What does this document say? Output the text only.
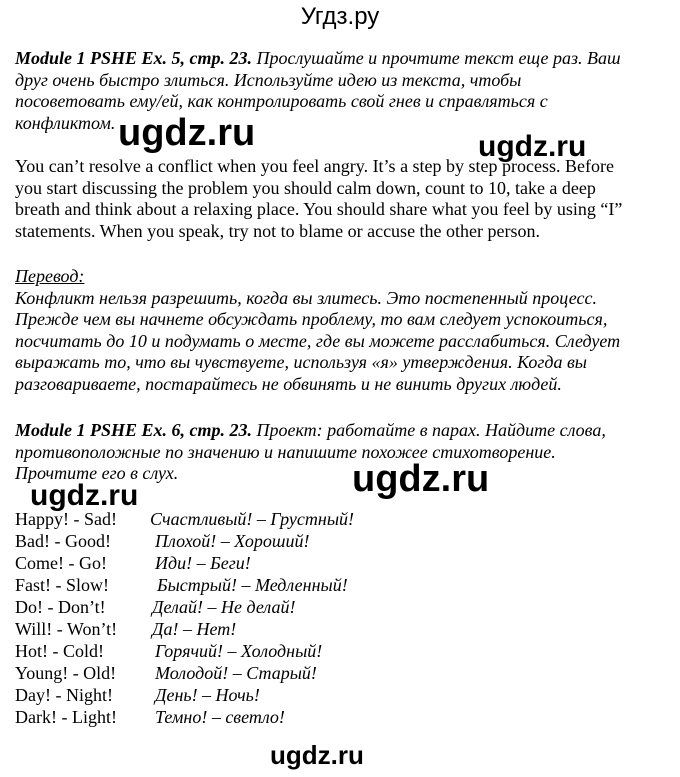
Угдз.ру
Module 1 PSHE Ex. 5, стр. 23. Прослушайте и прочтите текст еще раз. Ваш
друг очень быстро злиться. Используйте идею из текста, чтобы
посоветовать ему/ей, как контролировать свой гнев и справляться с
конфликтом.
You can’t resolve a conflict when you feel angry. It’s a step by step process. Before
you start discussing the problem you should calm down, count to 10, take a deep
breath and think about a relaxing place. You should share what you feel by using “I”
statements. When you speak, try not to blame or accuse the other person.
Перевод:
Конфликт нельзя разрешить, когда вы злитесь. Это постепенный процесс.
Прежде чем вы начнете обсуждать проблему, то вам следует успокоиться,
посчитать до 10 и подумать о месте, где вы можете расслабиться. Следует
выражать то, что вы чувствуете, используя «я» утверждения. Когда вы
разговариваете, постарайтесь не обвинять и не винить других людей.
Module 1 PSHE Ex. 6, стр. 23. Проект: работайте в парах. Найдите слова,
противоположные по значению и напишите похожее стихотворение.
Прочтите его в слух.
Happy! - Sad! Счастливый! – Грустный!
Bad! - Good! Плохой! – Хороший!
Come! - Go!	Иди! – Беги!
Fast! - Slow!	Быстрый! – Медленный!
Do! - Don’t!	Делай! – Не делай!
Will! - Won’t! Да! – Нет!
Hot! - Cold!	Горячий! – Холодный!
Young! - Old! Молодой! – Старый!
Day! - Night! День! – Ночь!
Dark! - Light! Темно! – светло!
ugdz.ru	ugdz.ru
ugdz.ru	ugdz.ru
ugdz.ru
